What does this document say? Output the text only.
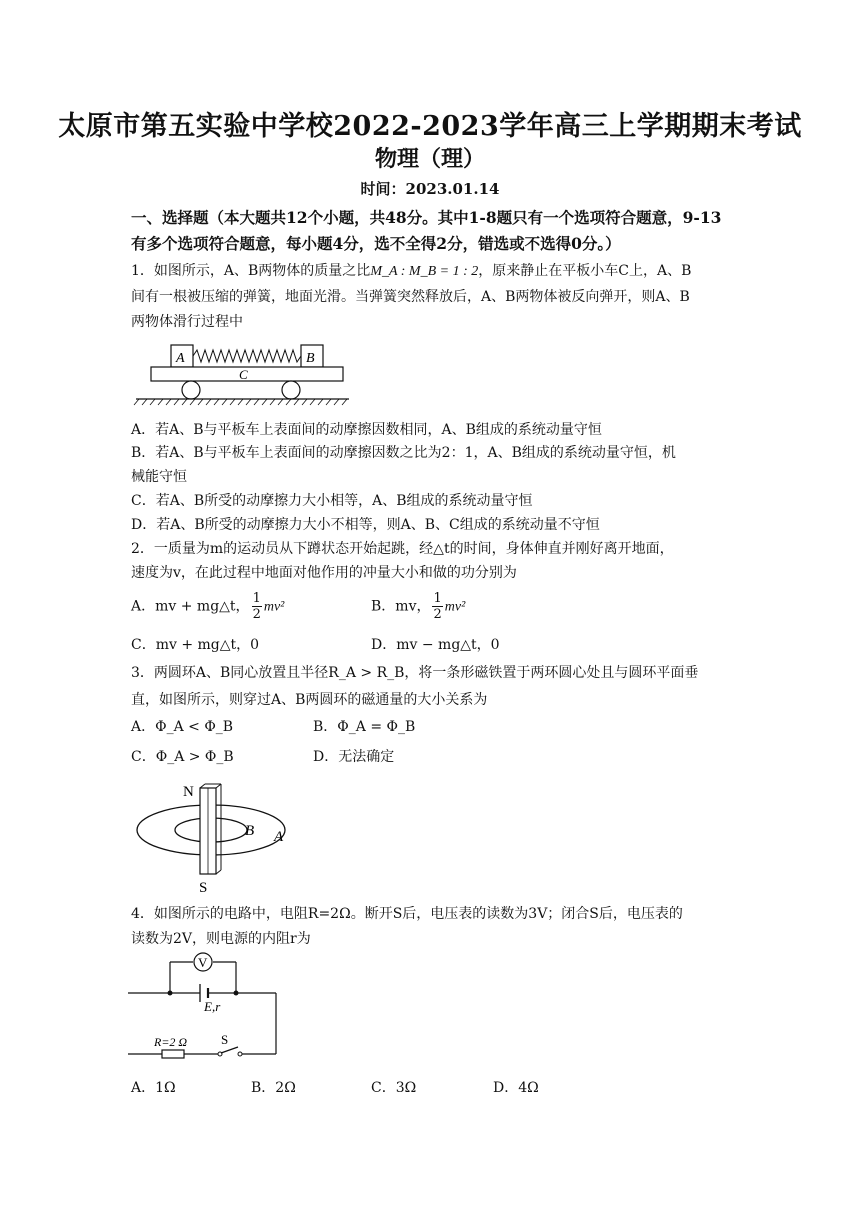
太原市第五实验中学校2022-2023学年高三上学期期末考试
物理（理）
时间：2023.01.14
一、选择题（本大题共12个小题，共48分。其中1-8题只有一个选项符合题意，9-13有多个选项符合题意，每小题4分，选不全得2分，错选或不选得0分。）
1．如图所示，A、B两物体的质量之比M_A : M_B = 1 : 2，原来静止在平板小车C上，A、B
间有一根被压缩的弹簧，地面光滑。当弹簧突然释放后，A、B两物体被反向弹开，则A、B
两物体滑行过程中
A	B
C
A．若A、B与平板车上表面间的动摩擦因数相同，A、B组成的系统动量守恒
B．若A、B与平板车上表面间的动摩擦因数之比为2：1，A、B组成的系统动量守恒，机
械能守恒
C．若A、B所受的动摩擦力大小相等，A、B组成的系统动量守恒
D．若A、B所受的动摩擦力大小不相等，则A、B、C组成的系统动量不守恒
2．一质量为m的运动员从下蹲状态开始起跳，经△t的时间，身体伸直并刚好离开地面，
速度为v，在此过程中地面对他作用的冲量大小和做的功分别为
A．mv + mg△t， $\frac{1}{2} mv^2$	B．mv， $\frac{1}{2} mv^2$
C．mv + mg△t，0	D．mv − mg△t，0
3．两圆环A、B同心放置且半径R_A > R_B，将一条形磁铁置于两环圆心处且与圆环平面垂
直，如图所示，则穿过A、B两圆环的磁通量的大小关系为
A．Φ_A < Φ_B	B．Φ_A = Φ_B
C．Φ_A > Φ_B	D．无法确定
N
S
B A
4．如图所示的电路中，电阻R=2Ω。断开S后，电压表的读数为3V；闭合S后，电压表的
读数为2V，则电源的内阻r为
E,r
V
R=2 Ω	S
A．1Ω	B．2Ω	C．3Ω	D．4Ω
